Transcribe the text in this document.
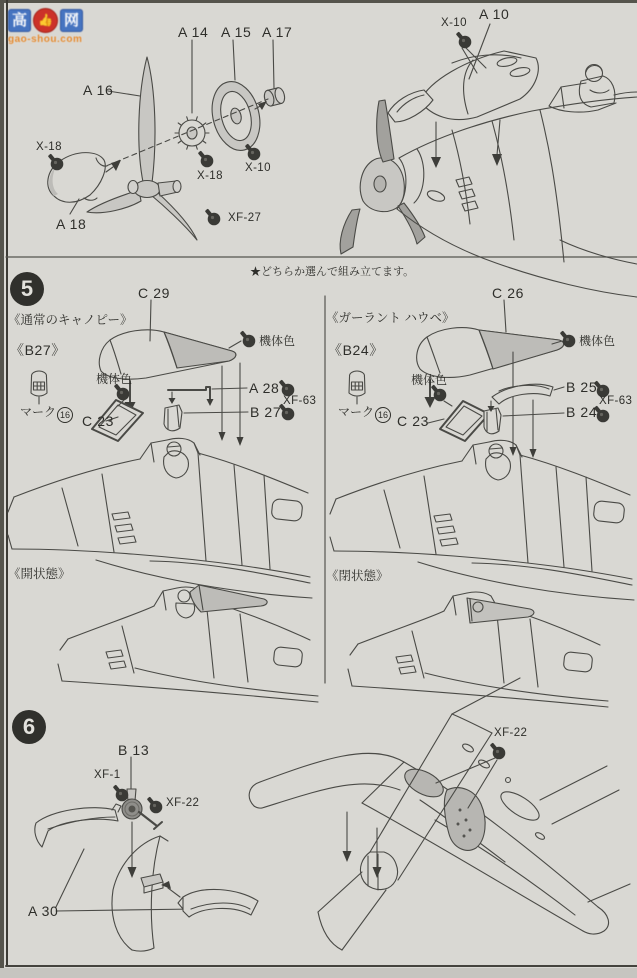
高 👍 网
gao-shou.com
A 16
A 14 A 15 A 17
A 18
X-18
X-18
X-10
XF-27
X-10
A 10
5
★どちらか選んで組み立てます。
《通常のキャノピー》
C 29
機体色
《B27》
機体色
マーク 16 C 23
A 28
XF-63
B 27
《開状態》
《ガーラント ハウベ》
C 26
機体色
《B24》
機体色
マーク 16 C 23
B 25
XF-63
B 24
《閉状態》
6
B 13
XF-1
XF-22
A 30
XF-22
